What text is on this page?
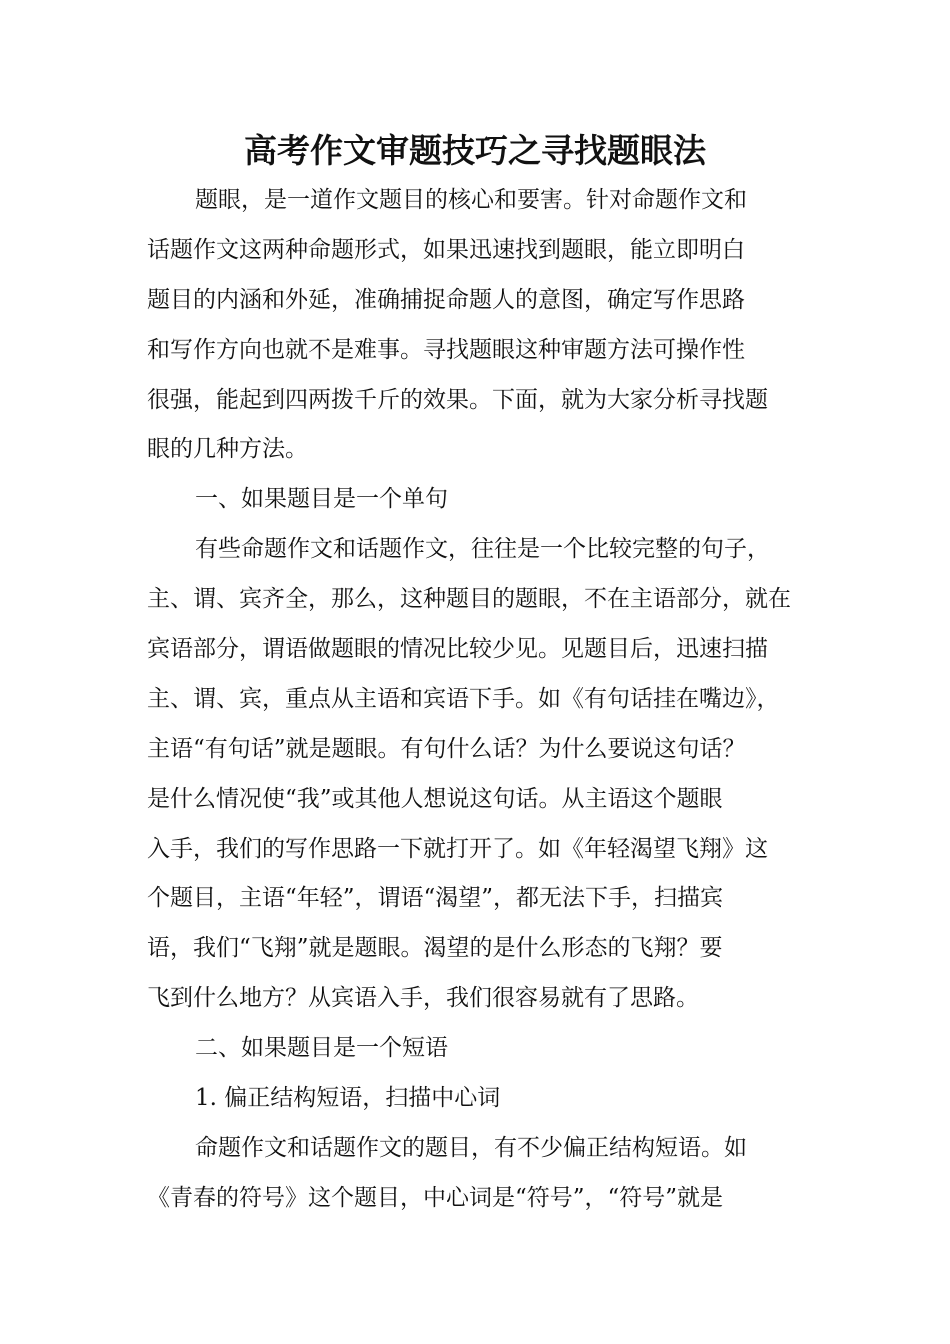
高考作文审题技巧之寻找题眼法
题眼，是一道作文题目的核心和要害。针对命题作文和
话题作文这两种命题形式，如果迅速找到题眼，能立即明白
题目的内涵和外延，准确捕捉命题人的意图，确定写作思路
和写作方向也就不是难事。寻找题眼这种审题方法可操作性
很强，能起到四两拨千斤的效果。下面，就为大家分析寻找题
眼的几种方法。
一、如果题目是一个单句
有些命题作文和话题作文，往往是一个比较完整的句子，
主、谓、宾齐全，那么，这种题目的题眼，不在主语部分，就在
宾语部分，谓语做题眼的情况比较少见。见题目后，迅速扫描
主、谓、宾，重点从主语和宾语下手。如《有句话挂在嘴边》，
主语“有句话”就是题眼。有句什么话？为什么要说这句话？
是什么情况使“我”或其他人想说这句话。从主语这个题眼
入手，我们的写作思路一下就打开了。如《年轻渴望飞翔》这
个题目，主语“年轻”，谓语“渴望”，都无法下手，扫描宾
语，我们“飞翔”就是题眼。渴望的是什么形态的飞翔？要
飞到什么地方？从宾语入手，我们很容易就有了思路。
二、如果题目是一个短语
1. 偏正结构短语，扫描中心词
命题作文和话题作文的题目，有不少偏正结构短语。如
《青春的符号》这个题目，中心词是“符号”，“符号”就是
